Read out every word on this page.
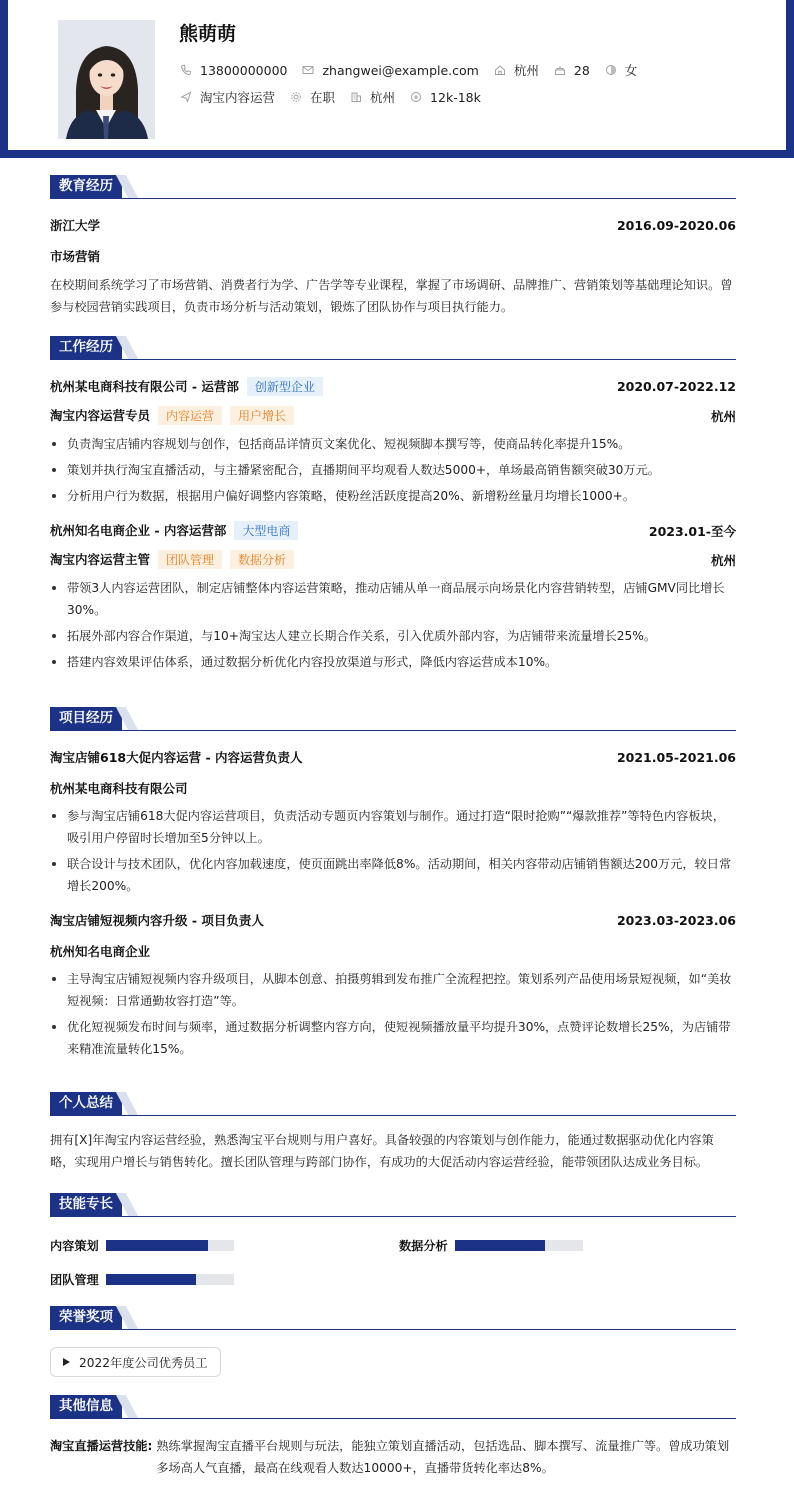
熊萌萌
13800000000	zhangwei@example.com	杭州	28	女
淘宝内容运营	在职	杭州	12k-18k
教育经历
浙江大学	2016.09-2020.06
市场营销
在校期间系统学习了市场营销、消费者行为学、广告学等专业课程，掌握了市场调研、品牌推广、营销策划等基础理论知识。曾参与校园营销实践项目，负责市场分析与活动策划，锻炼了团队协作与项目执行能力。
工作经历
杭州某电商科技有限公司 - 运营部 创新型企业	2020.07-2022.12
淘宝内容运营专员 内容运营 用户增长	杭州
负责淘宝店铺内容规划与创作，包括商品详情页文案优化、短视频脚本撰写等，使商品转化率提升15%。
策划并执行淘宝直播活动，与主播紧密配合，直播期间平均观看人数达5000+，单场最高销售额突破30万元。
分析用户行为数据，根据用户偏好调整内容策略，使粉丝活跃度提高20%、新增粉丝量月均增长1000+。
杭州知名电商企业 - 内容运营部 大型电商	2023.01-至今
淘宝内容运营主管 团队管理 数据分析	杭州
带领3人内容运营团队，制定店铺整体内容运营策略，推动店铺从单一商品展示向场景化内容营销转型，店铺GMV同比增长30%。
拓展外部内容合作渠道，与10+淘宝达人建立长期合作关系，引入优质外部内容，为店铺带来流量增长25%。
搭建内容效果评估体系，通过数据分析优化内容投放渠道与形式，降低内容运营成本10%。
项目经历
淘宝店铺618大促内容运营 - 内容运营负责人	2021.05-2021.06
杭州某电商科技有限公司
参与淘宝店铺618大促内容运营项目，负责活动专题页内容策划与制作。通过打造“限时抢购”“爆款推荐”等特色内容板块，吸引用户停留时长增加至5分钟以上。
联合设计与技术团队，优化内容加载速度，使页面跳出率降低8%。活动期间，相关内容带动店铺销售额达200万元，较日常增长200%。
淘宝店铺短视频内容升级 - 项目负责人	2023.03-2023.06
杭州知名电商企业
主导淘宝店铺短视频内容升级项目，从脚本创意、拍摄剪辑到发布推广全流程把控。策划系列产品使用场景短视频，如“美妆短视频：日常通勤妆容打造”等。
优化短视频发布时间与频率，通过数据分析调整内容方向，使短视频播放量平均提升30%，点赞评论数增长25%，为店铺带来精准流量转化15%。
个人总结
拥有[X]年淘宝内容运营经验，熟悉淘宝平台规则与用户喜好。具备较强的内容策划与创作能力，能通过数据驱动优化内容策略，实现用户增长与销售转化。擅长团队管理与跨部门协作，有成功的大促活动内容运营经验，能带领团队达成业务目标。
技能专长
内容策划	数据分析
团队管理
荣誉奖项
2022年度公司优秀员工
其他信息
淘宝直播运营技能: 熟练掌握淘宝直播平台规则与玩法，能独立策划直播活动，包括选品、脚本撰写、流量推广等。曾成功策划多场高人气直播，最高在线观看人数达10000+，直播带货转化率达8%。
